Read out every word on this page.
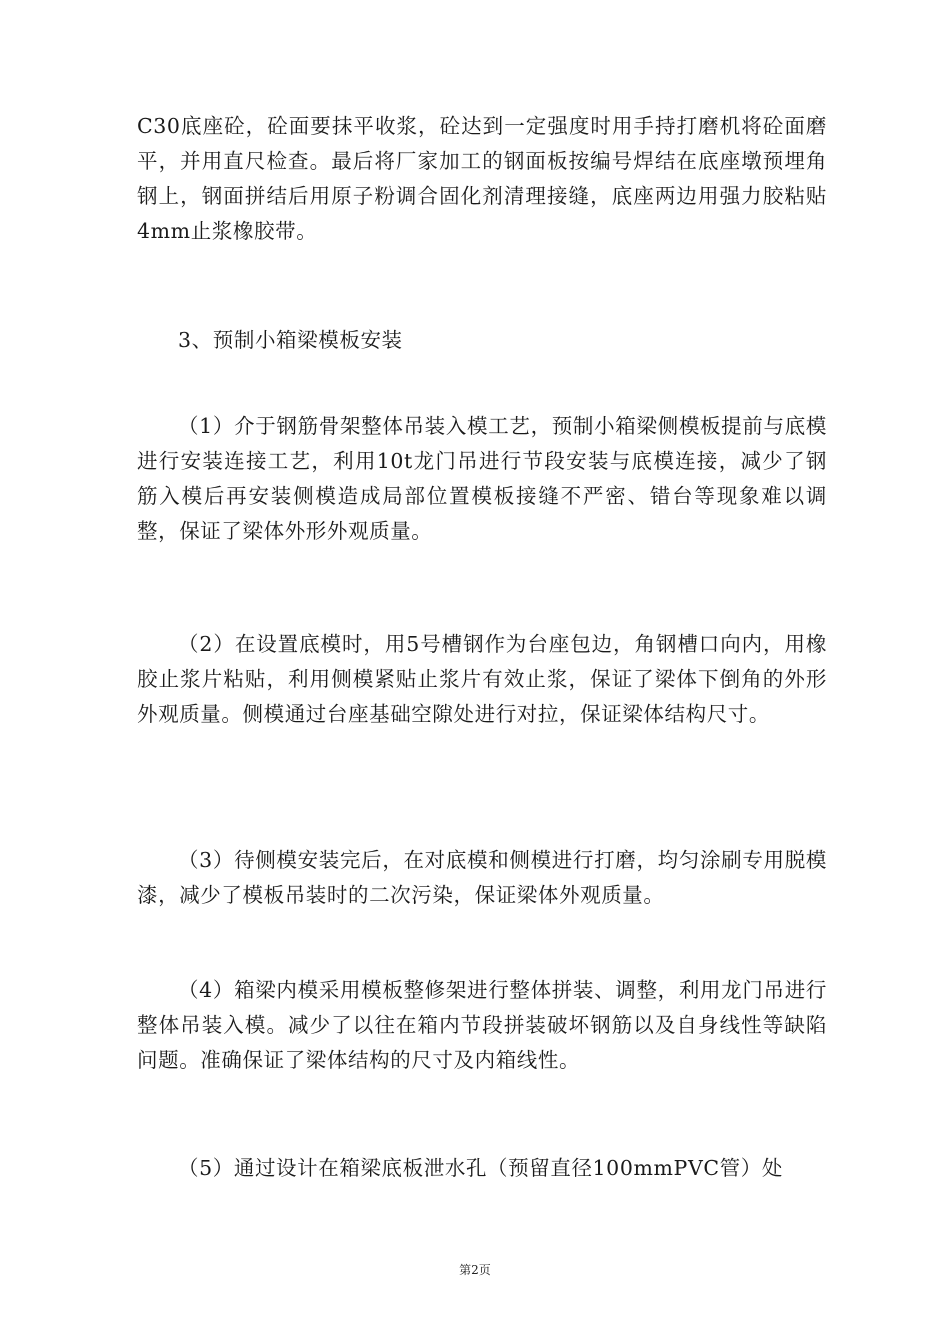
C30底座砼，砼面要抹平收浆，砼达到一定强度时用手持打磨机将砼面磨平，并用直尺检查。最后将厂家加工的钢面板按编号焊结在底座墩预埋角钢上，钢面拼结后用原子粉调合固化剂清理接缝，底座两边用强力胶粘贴4mm止浆橡胶带。

3、预制小箱梁模板安装

（1）介于钢筋骨架整体吊装入模工艺，预制小箱梁侧模板提前与底模进行安装连接工艺，利用10t龙门吊进行节段安装与底模连接，减少了钢筋入模后再安装侧模造成局部位置模板接缝不严密、错台等现象难以调整，保证了梁体外形外观质量。

（2）在设置底模时，用5号槽钢作为台座包边，角钢槽口向内，用橡胶止浆片粘贴，利用侧模紧贴止浆片有效止浆，保证了梁体下倒角的外形外观质量。侧模通过台座基础空隙处进行对拉，保证梁体结构尺寸。

（3）待侧模安装完后，在对底模和侧模进行打磨，均匀涂刷专用脱模漆，减少了模板吊装时的二次污染，保证梁体外观质量。

（4）箱梁内模采用模板整修架进行整体拼装、调整，利用龙门吊进行整体吊装入模。减少了以往在箱内节段拼装破坏钢筋以及自身线性等缺陷问题。准确保证了梁体结构的尺寸及内箱线性。

（5）通过设计在箱梁底板泄水孔（预留直径100mmPVC管）处

第2页
